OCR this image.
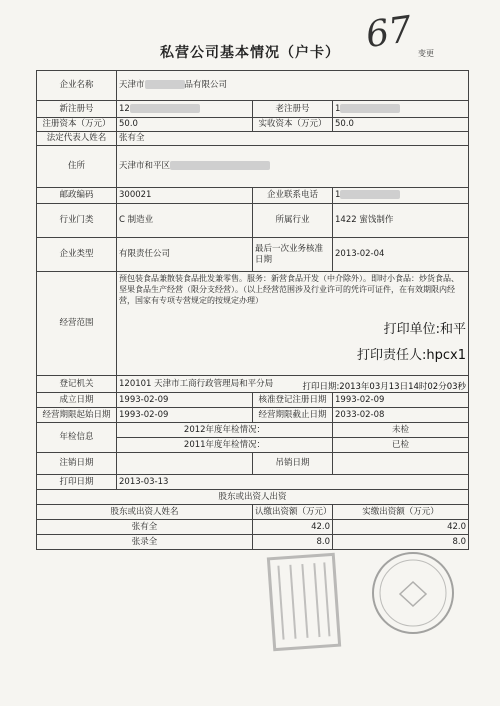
67 变更
私营公司基本情况（户卡）
企业名称	天津市 品有限公司		
新注册号	12	老注册号	1
注册资本（万元）	50.0	实收资本（万元）	50.0
法定代表人姓名	张有全		
住所	天津市和平区		
邮政编码	300021	企业联系电话	1
行业门类	C 制造业	所属行业	1422 蜜饯制作
企业类型	有限责任公司	最后一次业务核准日期	2013-02-04
经营范围	预包装食品兼散装食品批发兼零售。服务：新营食品开发（中介除外）。即时小食品：炒货食品、坚果食品生产经营（限分支经营）。（以上经营范围涉及行业许可的凭许可证件，在有效期限内经营，国家有专项专营规定的按规定办理）
打印单位:和平
打印责任人:hpcx1		

登记机关	120101 天津市工商行政管理局和平分局 打印日期:2013年03月13日14时02分03秒		

成立日期	1993-02-09	核准登记注册日期	1993-02-09
经营期限起始日期	1993-02-09	经营期限截止日期	2033-02-08
年检信息	2012年度年检情况：		未检
	2011年度年检情况：		已检
注销日期		吊销日期	
打印日期	2013-03-13		
股东或出资人出资			
股东或出资人姓名		认缴出资额（万元）	实缴出资额（万元）
张有全		42.0	42.0
张录全		8.0	8.0
